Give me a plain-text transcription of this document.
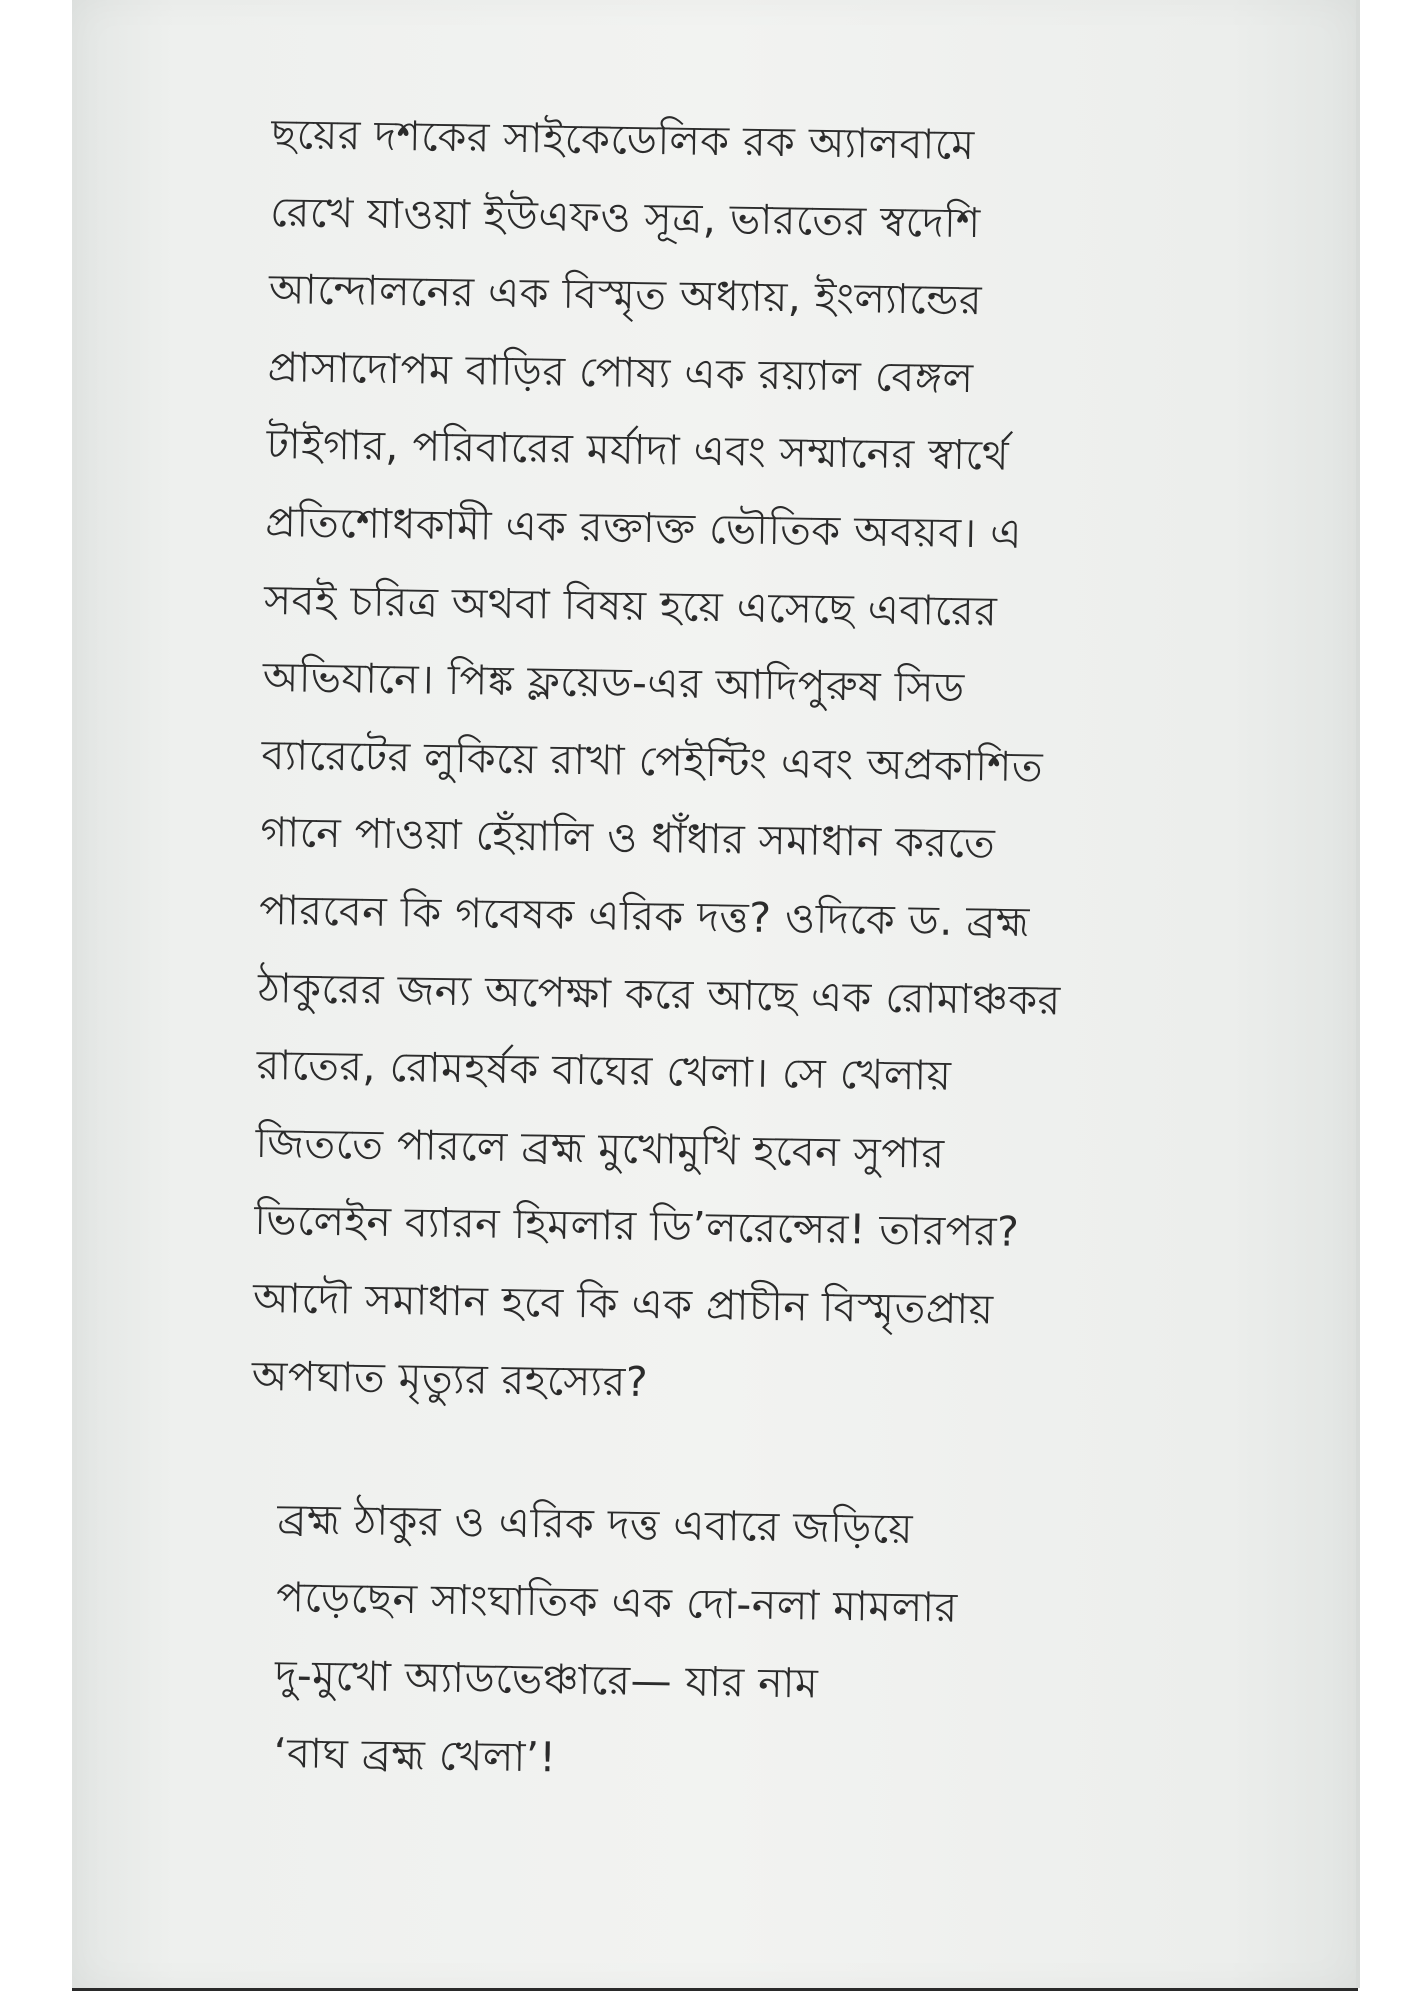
ছয়ের দশকের সাইকেডেলিক রক অ্যালবামে
রেখে যাওয়া ইউএফও সূত্র, ভারতের স্বদেশি
আন্দোলনের এক বিস্মৃত অধ্যায়, ইংল্যান্ডের
প্রাসাদোপম বাড়ির পোষ্য এক রয়্যাল বেঙ্গল
টাইগার, পরিবারের মর্যাদা এবং সম্মানের স্বার্থে
প্রতিশোধকামী এক রক্তাক্ত ভৌতিক অবয়ব। এ
সবই চরিত্র অথবা বিষয় হয়ে এসেছে এবারের
অভিযানে। পিঙ্ক ফ্লয়েড-এর আদিপুরুষ সিড
ব্যারেটের লুকিয়ে রাখা পেইন্টিং এবং অপ্রকাশিত
গানে পাওয়া হেঁয়ালি ও ধাঁধার সমাধান করতে
পারবেন কি গবেষক এরিক দত্ত? ওদিকে ড. ব্রহ্ম
ঠাকুরের জন্য অপেক্ষা করে আছে এক রোমাঞ্চকর
রাতের, রোমহর্ষক বাঘের খেলা। সে খেলায়
জিততে পারলে ব্রহ্ম মুখোমুখি হবেন সুপার
ভিলেইন ব্যারন হিমলার ডি’লরেন্সের! তারপর?
আদৌ সমাধান হবে কি এক প্রাচীন বিস্মৃতপ্রায়
অপঘাত মৃত্যুর রহস্যের?
ব্রহ্ম ঠাকুর ও এরিক দত্ত এবারে জড়িয়ে
পড়েছেন সাংঘাতিক এক দো-নলা মামলার
দু-মুখো অ্যাডভেঞ্চারে— যার নাম
‘বাঘ ব্রহ্ম খেলা’!
